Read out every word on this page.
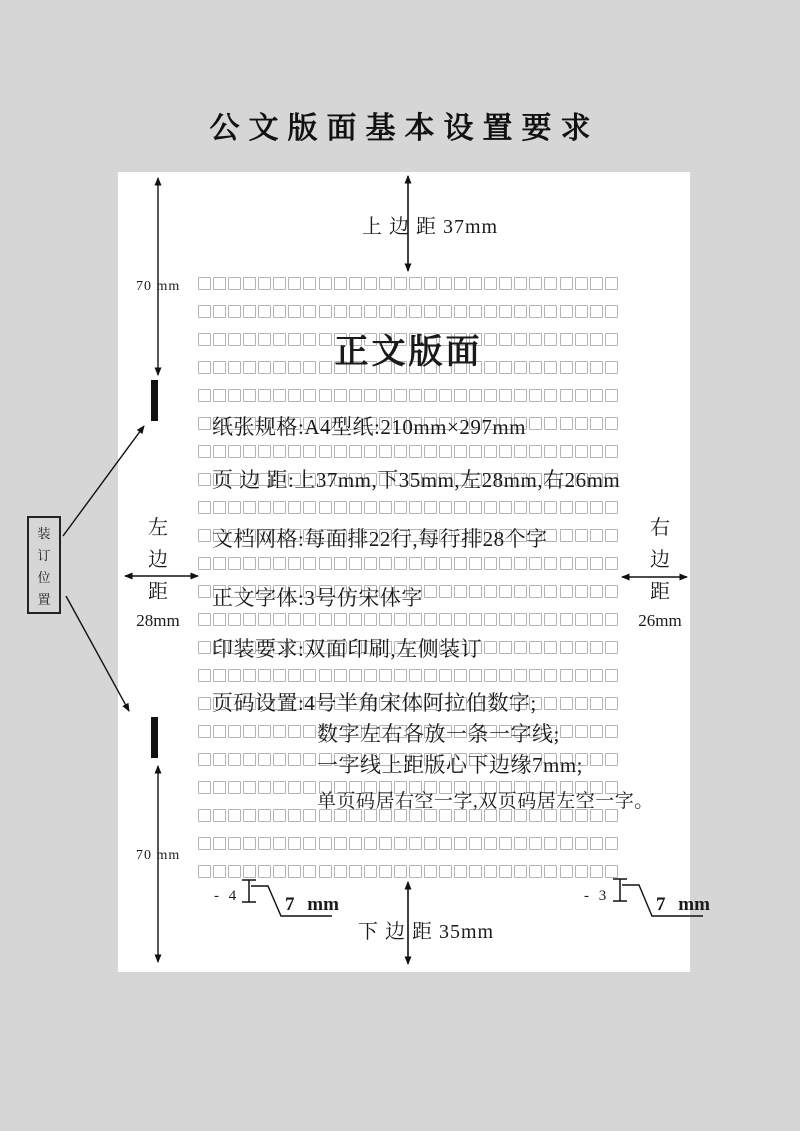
公文版面基本设置要求
正文版面
纸张规格:A4型纸:210mm×297mm
页 边 距:上37mm,下35mm,左28mm,右26mm
文档网格:每面排22行,每行排28个字
正文字体:3号仿宋体字
印装要求:双面印刷,左侧装订
页码设置:4号半角宋体阿拉伯数字;
数字左右各放一条一字线;
一字线上距版心下边缘7mm;
单页码居右空一字,双页码居左空一字。
上 边 距 37mm
下 边 距 35mm
左
边
距
28mm
右
边
距
26mm
70 mm
70 mm
装
订
位
置
- 4	- 3
7 mm	7 mm
